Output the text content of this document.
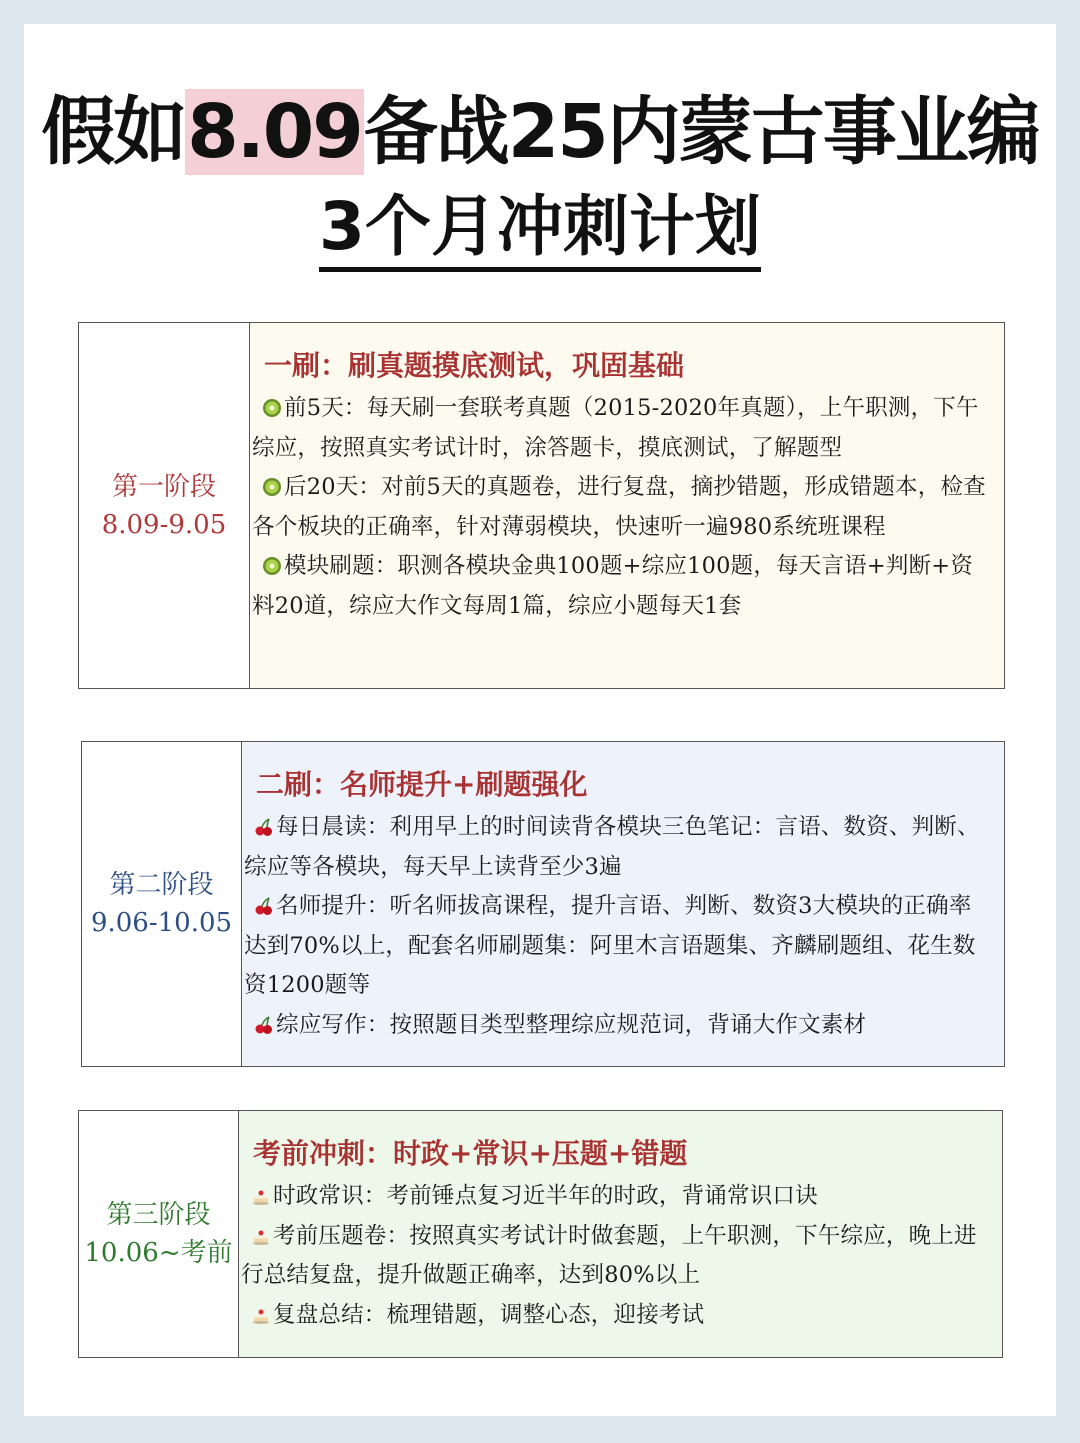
假如8.09备战25内蒙古事业编
3个月冲刺计划
第一阶段
8.09-9.05
一刷：刷真题摸底测试，巩固基础
前5天：每天刷一套联考真题（2015-2020年真题），上午职测，下午综应，按照真实考试计时，涂答题卡，摸底测试，了解题型
后20天：对前5天的真题卷，进行复盘，摘抄错题，形成错题本，检查各个板块的正确率，针对薄弱模块，快速听一遍980系统班课程
模块刷题：职测各模块金典100题+综应100题，每天言语+判断+资料20道，综应大作文每周1篇，综应小题每天1套
第二阶段
9.06-10.05
二刷：名师提升+刷题强化
每日晨读：利用早上的时间读背各模块三色笔记：言语、数资、判断、综应等各模块，每天早上读背至少3遍
名师提升：听名师拔高课程，提升言语、判断、数资3大模块的正确率达到70%以上，配套名师刷题集：阿里木言语题集、齐麟刷题组、花生数资1200题等
综应写作：按照题目类型整理综应规范词，背诵大作文素材
第三阶段
10.06~考前
考前冲刺：时政+常识+压题+错题
时政常识：考前锤点复习近半年的时政，背诵常识口诀
考前压题卷：按照真实考试计时做套题，上午职测，下午综应，晚上进行总结复盘，提升做题正确率，达到80%以上
复盘总结：梳理错题，调整心态，迎接考试
